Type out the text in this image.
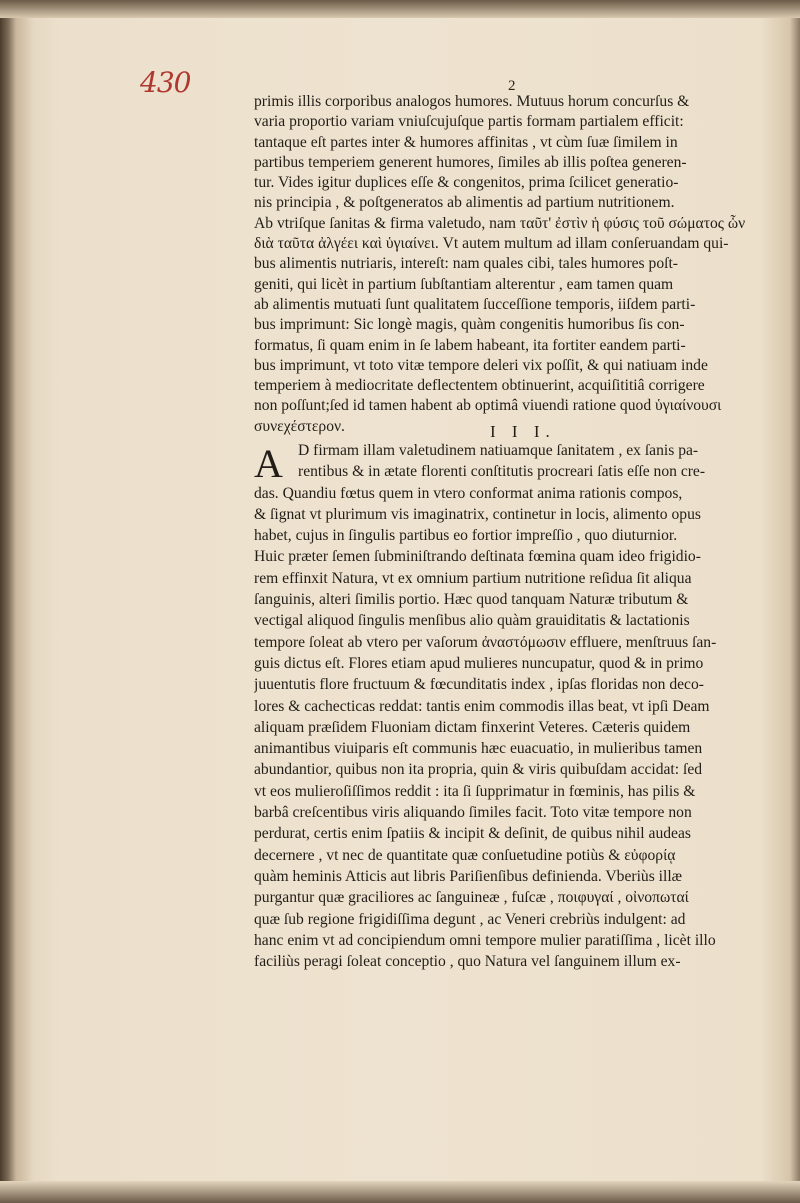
430	2
primis illis corporibus analogos humores. Mutuus horum concurſus &
varia proportio variam vniuſcujuſque partis formam partialem efficit:
tantaque eſt partes inter & humores affinitas , vt cùm ſuæ ſimilem in
partibus temperiem generent humores, ſimiles ab illis poſtea generen-
tur. Vides igitur duplices eſſe & congenitos, prima ſcilicet generatio-
nis principia , & poſtgeneratos ab alimentis ad partium nutritionem.
Ab vtriſque ſanitas & firma valetudo, nam ταῦτ' ἐστὶν ἡ φύσις τοῦ σώματος ὧν
διὰ ταῦτα ἀλγέει καὶ ὑγιαίνει. Vt autem multum ad illam conſeruandam qui-
bus alimentis nutriaris, intereſt: nam quales cibi, tales humores poſt-
geniti, qui licèt in partium ſubſtantiam alterentur , eam tamen quam
ab alimentis mutuati ſunt qualitatem ſucceſſione temporis, iiſdem parti-
bus imprimunt: Sic longè magis, quàm congenitis humoribus ſis con-
formatus, ſi quam enim in ſe labem habeant, ita fortiter eandem parti-
bus imprimunt, vt toto vitæ tempore deleri vix poſſit, & qui natiuam inde
temperiem à mediocritate deflectentem obtinuerint, acquiſititiâ corrigere
non poſſunt;ſed id tamen habent ab optimâ viuendi ratione quod ὑγιαίνουσι
συνεχέστερον.	I I I.
A D firmam illam valetudinem natiuamque ſanitatem , ex ſanis pa-
rentibus & in ætate florenti conſtitutis procreari ſatis eſſe non cre-
das. Quandiu fœtus quem in vtero conformat anima rationis compos,
& ſignat vt plurimum vis imaginatrix, continetur in locis, alimento opus
habet, cujus in ſingulis partibus eo fortior impreſſio , quo diuturnior.
Huic præter ſemen ſubminiſtrando deſtinata fœmina quam ideo frigidio-
rem effinxit Natura, vt ex omnium partium nutritione reſidua ſit aliqua
ſanguinis, alteri ſimilis portio. Hæc quod tanquam Naturæ tributum &
vectigal aliquod ſingulis menſibus alio quàm grauiditatis & lactationis
tempore ſoleat ab vtero per vaſorum ἀναστόμωσιν effluere, menſtruus ſan-
guis dictus eſt. Flores etiam apud mulieres nuncupatur, quod & in primo
juuentutis flore fructuum & fœcunditatis index , ipſas floridas non deco-
lores & cachecticas reddat: tantis enim commodis illas beat, vt ipſi Deam
aliquam præſidem Fluoniam dictam finxerint Veteres. Cæteris quidem
animantibus viuiparis eſt communis hæc euacuatio, in mulieribus tamen
abundantior, quibus non ita propria, quin & viris quibuſdam accidat: ſed
vt eos mulieroſiſſimos reddit : ita ſi ſupprimatur in fœminis, has pilis &
barbâ creſcentibus viris aliquando ſimiles facit. Toto vitæ tempore non
perdurat, certis enim ſpatiis & incipit & deſinit, de quibus nihil audeas
decernere , vt nec de quantitate quæ conſuetudine potiùs & εὐφορίᾳ
quàm heminis Atticis aut libris Pariſienſibus definienda. Vberiùs illæ
purgantur quæ graciliores ac ſanguineæ , fuſcæ , ποιφυγαί , οἰνοπωταί
quæ ſub regione frigidiſſima degunt , ac Veneri crebriùs indulgent: ad
hanc enim vt ad concipiendum omni tempore mulier paratiſſima , licèt illo
faciliùs peragi ſoleat conceptio , quo Natura vel ſanguinem illum ex-
